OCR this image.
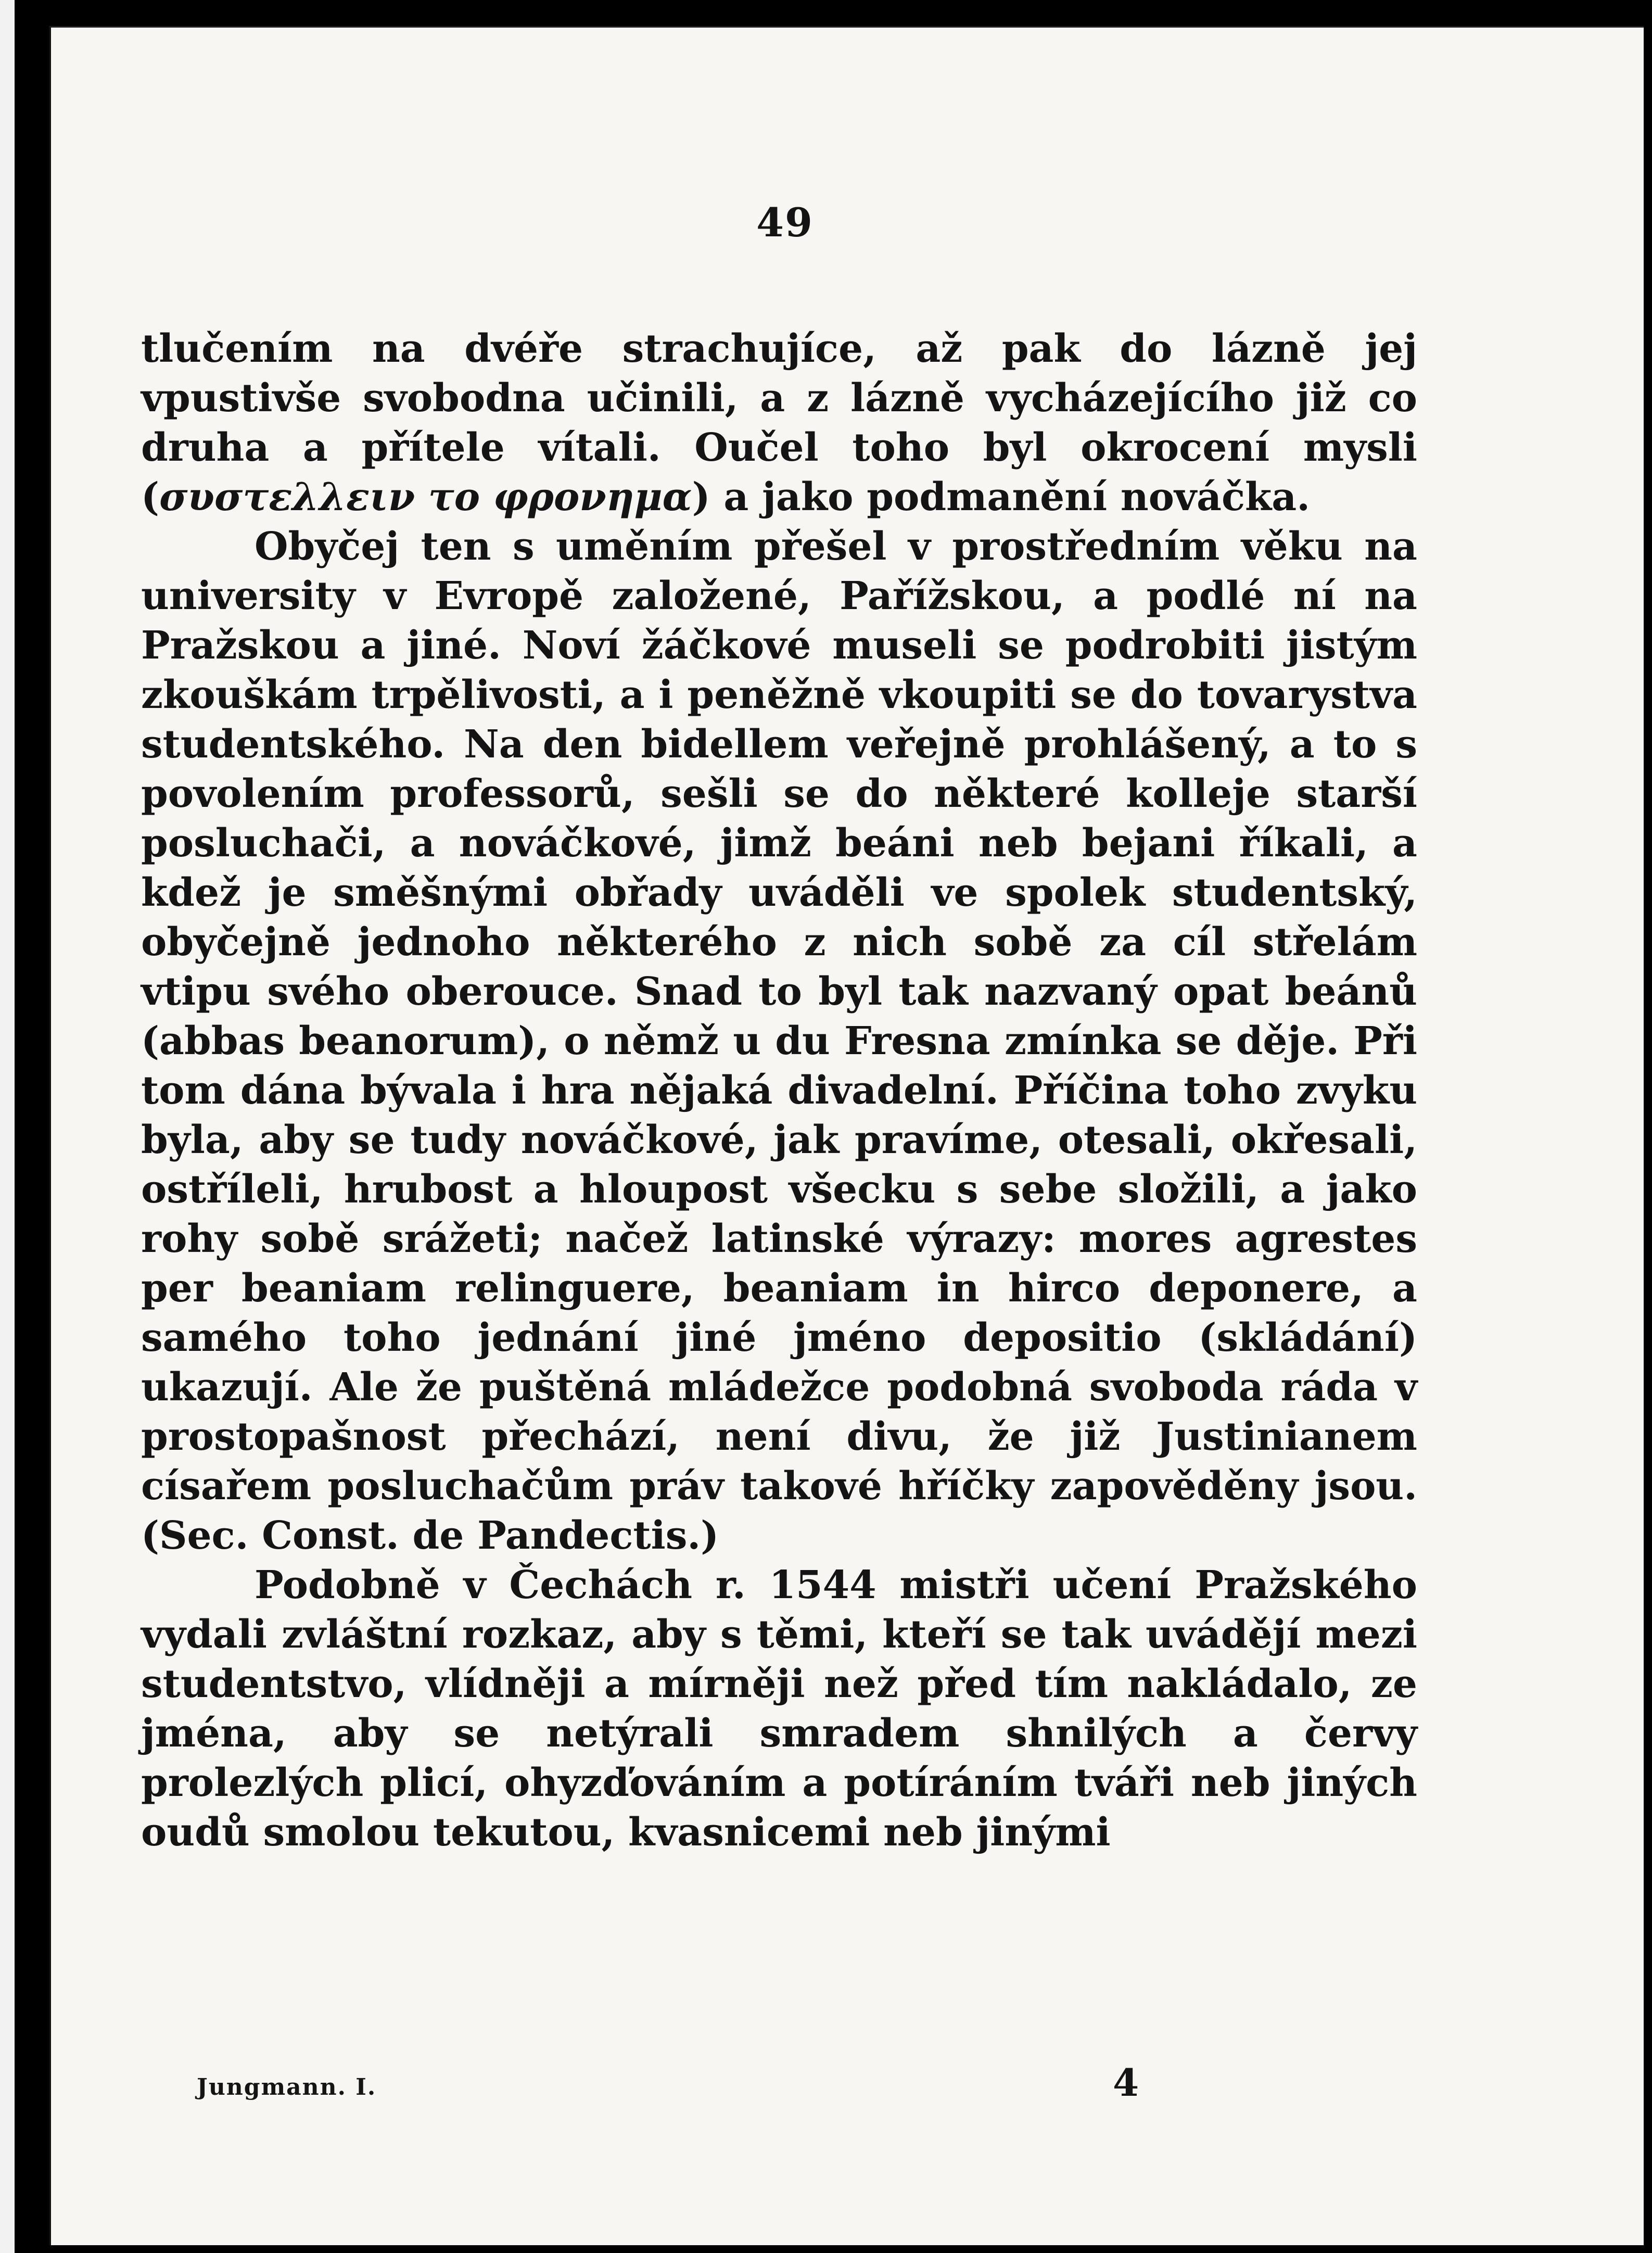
49

tlučením na dvéře strachujíce, až pak do lázně jej vpustivše svobodna učinili, a z lázně vycházejícího již co druha a přítele vítali. Oučel toho byl okrocení mysli (συστελλειν το φρονημα) a jako podmanění nováčka.

Obyčej ten s uměním přešel v prostředním věku na university v Evropě založené, Pařížskou, a podlé ní na Pražskou a jiné. Noví žáčkové museli se podrobiti jistým zkouškám trpělivosti, a i peněžně vkoupiti se do tovarystva studentského. Na den bidellem veřejně prohlášený, a to s povolením professorů, sešli se do některé kolleje starší posluchači, a nováčkové, jimž beáni neb bejani říkali, a kdež je směšnými obřady uváděli ve spolek studentský, obyčejně jednoho některého z nich sobě za cíl střelám vtipu svého oberouce. Snad to byl tak nazvaný opat beánů (abbas beanorum), o němž u du Fresna zmínka se děje. Při tom dána bývala i hra nějaká divadelní. Příčina toho zvyku byla, aby se tudy nováčkové, jak pravíme, otesali, okřesali, ostříleli, hrubost a hloupost všecku s sebe složili, a jako rohy sobě srážeti; načež latinské výrazy: mores agrestes per beaniam relinguere, beaniam in hirco deponere, a samého toho jednání jiné jméno depositio (skládání) ukazují. Ale že puštěná mládežce podobná svoboda ráda v prostopašnost přechází, není divu, že již Justinianem císařem posluchačům práv takové hříčky zapověděny jsou. (Sec. Const. de Pandectis.)

Podobně v Čechách r. 1544 mistři učení Pražského vydali zvláštní rozkaz, aby s těmi, kteří se tak uvádějí mezi studentstvo, vlídněji a mírněji než před tím nakládalo, ze jména, aby se netýrali smradem shnilých a červy prolezlých plicí, ohyzďováním a potíráním tváři neb jiných oudů smolou tekutou, kvasnicemi neb jinými

Jungmann. I.	4
